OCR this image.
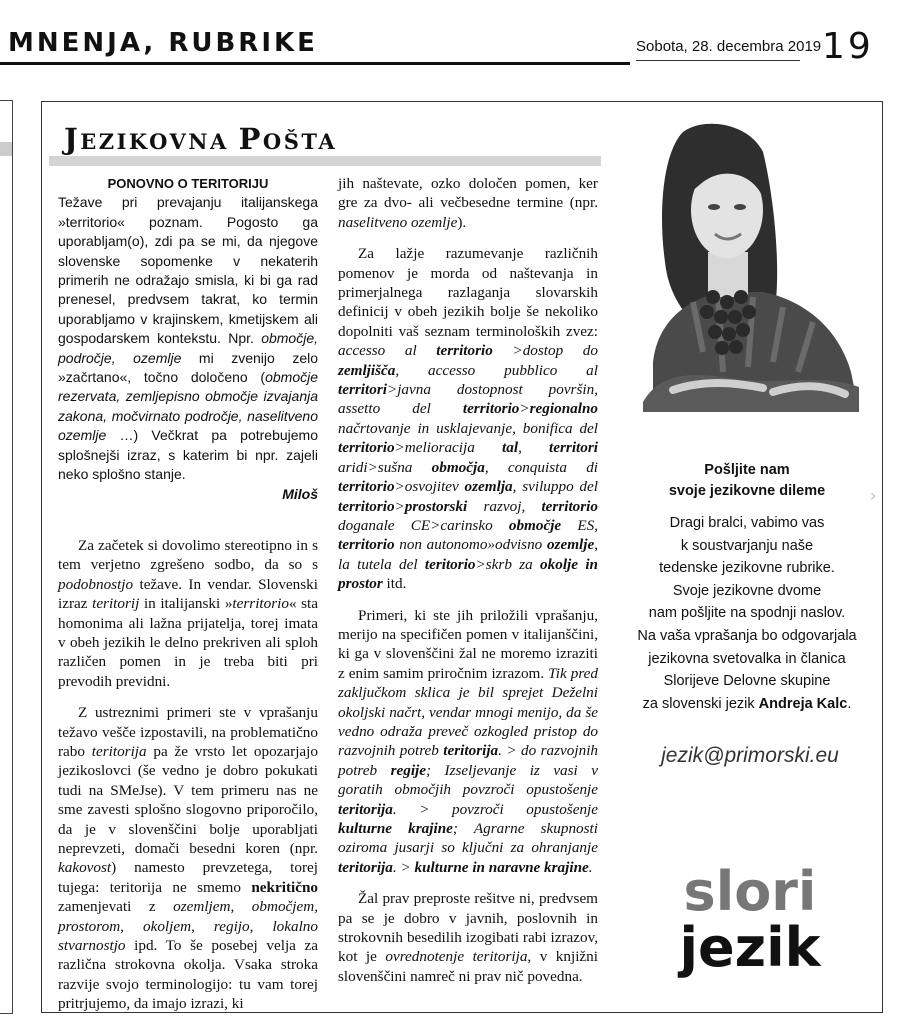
MNENJA, RUBRIKE	Sobota, 28. decembra 2019 19
JEZIKOVNA POŠTA
PONOVNO O TERITORIJU
Težave pri prevajanju italijanskega »territorio« poznam. Pogosto ga uporabljam(o), zdi pa se mi, da njegove slovenske sopomenke v nekaterih primerih ne odražajo smisla, ki bi ga rad prenesel, predvsem takrat, ko termin uporabljamo v krajinskem, kmetijskem ali gospodarskem kontekstu. Npr. območje, področje, ozemlje mi zvenijo zelo »začrtano«, točno določeno (območje rezervata, zemljepisno območje izvajanja zakona, močvirnato področje, naselitveno ozemlje …) Večkrat pa potrebujemo splošnejši izraz, s katerim bi npr. zajeli neko splošno stanje.
Miloš

Za začetek si dovolimo stereotipno in s tem verjetno zgrešeno sodbo, da so s podobnostjo težave. In vendar. Slovenski izraz teritorij in italijanski »territorio« sta homonima ali lažna prijatelja, torej imata v obeh jezikih le delno prekriven ali sploh različen pomen in je treba biti pri prevodih previdni.

Z ustreznimi primeri ste v vprašanju težavo vešče izpostavili, na problematično rabo teritorija pa že vrsto let opozarjajo jezikoslovci (še vedno je dobro pokukati tudi na SMeJse). V tem primeru nas ne sme zavesti splošno slogovno priporočilo, da je v slovenščini bolje uporabljati neprevzeti, domači besedni koren (npr. kakovost) namesto prevzetega, torej tujega: teritorija ne smemo nekritično zamenjevati z ozemljem, območjem, prostorom, okoljem, regijo, lokalno stvarnostjo ipd. To še posebej velja za različna strokovna okolja. Vsaka stroka razvije svojo terminologijo: tu vam torej pritrjujemo, da imajo izrazi, ki

jih naštevate, ozko določen pomen, ker gre za dvo- ali večbesedne termine (npr. naselitveno ozemlje).

Za lažje razumevanje različnih pomenov je morda od naštevanja in primerjalnega razlaganja slovarskih definicij v obeh jezikih bolje še nekoliko dopolniti vaš seznam terminoloških zvez: accesso al territorio >dostop do zemljišča, accesso pubblico al territori>javna dostopnost površin, assetto del territorio>regionalno načrtovanje in usklajevanje, bonifica del territorio>melioracija tal, territori aridi>sušna območja, conquista di territorio>osvojitev ozemlja, sviluppo del territorio>prostorski razvoj, territorio doganale CE>carinsko območje ES, territorio non autonomo»odvisno ozemlje, la tutela del teritorio>skrb za okolje in prostor itd.

Primeri, ki ste jih priložili vprašanju, merijo na specifičen pomen v italijanščini, ki ga v slovenščini žal ne moremo izraziti z enim samim priročnim izrazom. Tik pred zaključkom sklica je bil sprejet Deželni okoljski načrt, vendar mnogi menijo, da še vedno odraža preveč ozkogled pristop do razvojnih potreb teritorija. > do razvojnih potreb regije; Izseljevanje iz vasi v goratih območjih povzroči opustošenje teritorija. > povzroči opustošenje kulturne krajine; Agrarne skupnosti oziroma jusarji so ključni za ohranjanje teritorija. > kulturne in naravne krajine.

Žal prav preproste rešitve ni, predvsem pa se je dobro v javnih, poslovnih in strokovnih besedilih izogibati rabi izrazov, kot je ovrednotenje teritorija, v knjižni slovenščini namreč ni prav nič povedna.

Pošljite nam
svoje jezikovne dileme
Dragi bralci, vabimo vas
k soustvarjanju naše
tedenske jezikovne rubrike.
Svoje jezikovne dvome
nam pošljite na spodnji naslov.
Na vaša vprašanja bo odgovarjala
jezikovna svetovalka in članica
Slorijeve Delovne skupine
za slovenski jezik Andreja Kalc.
jezik@primorski.eu
›
slori
jezik
